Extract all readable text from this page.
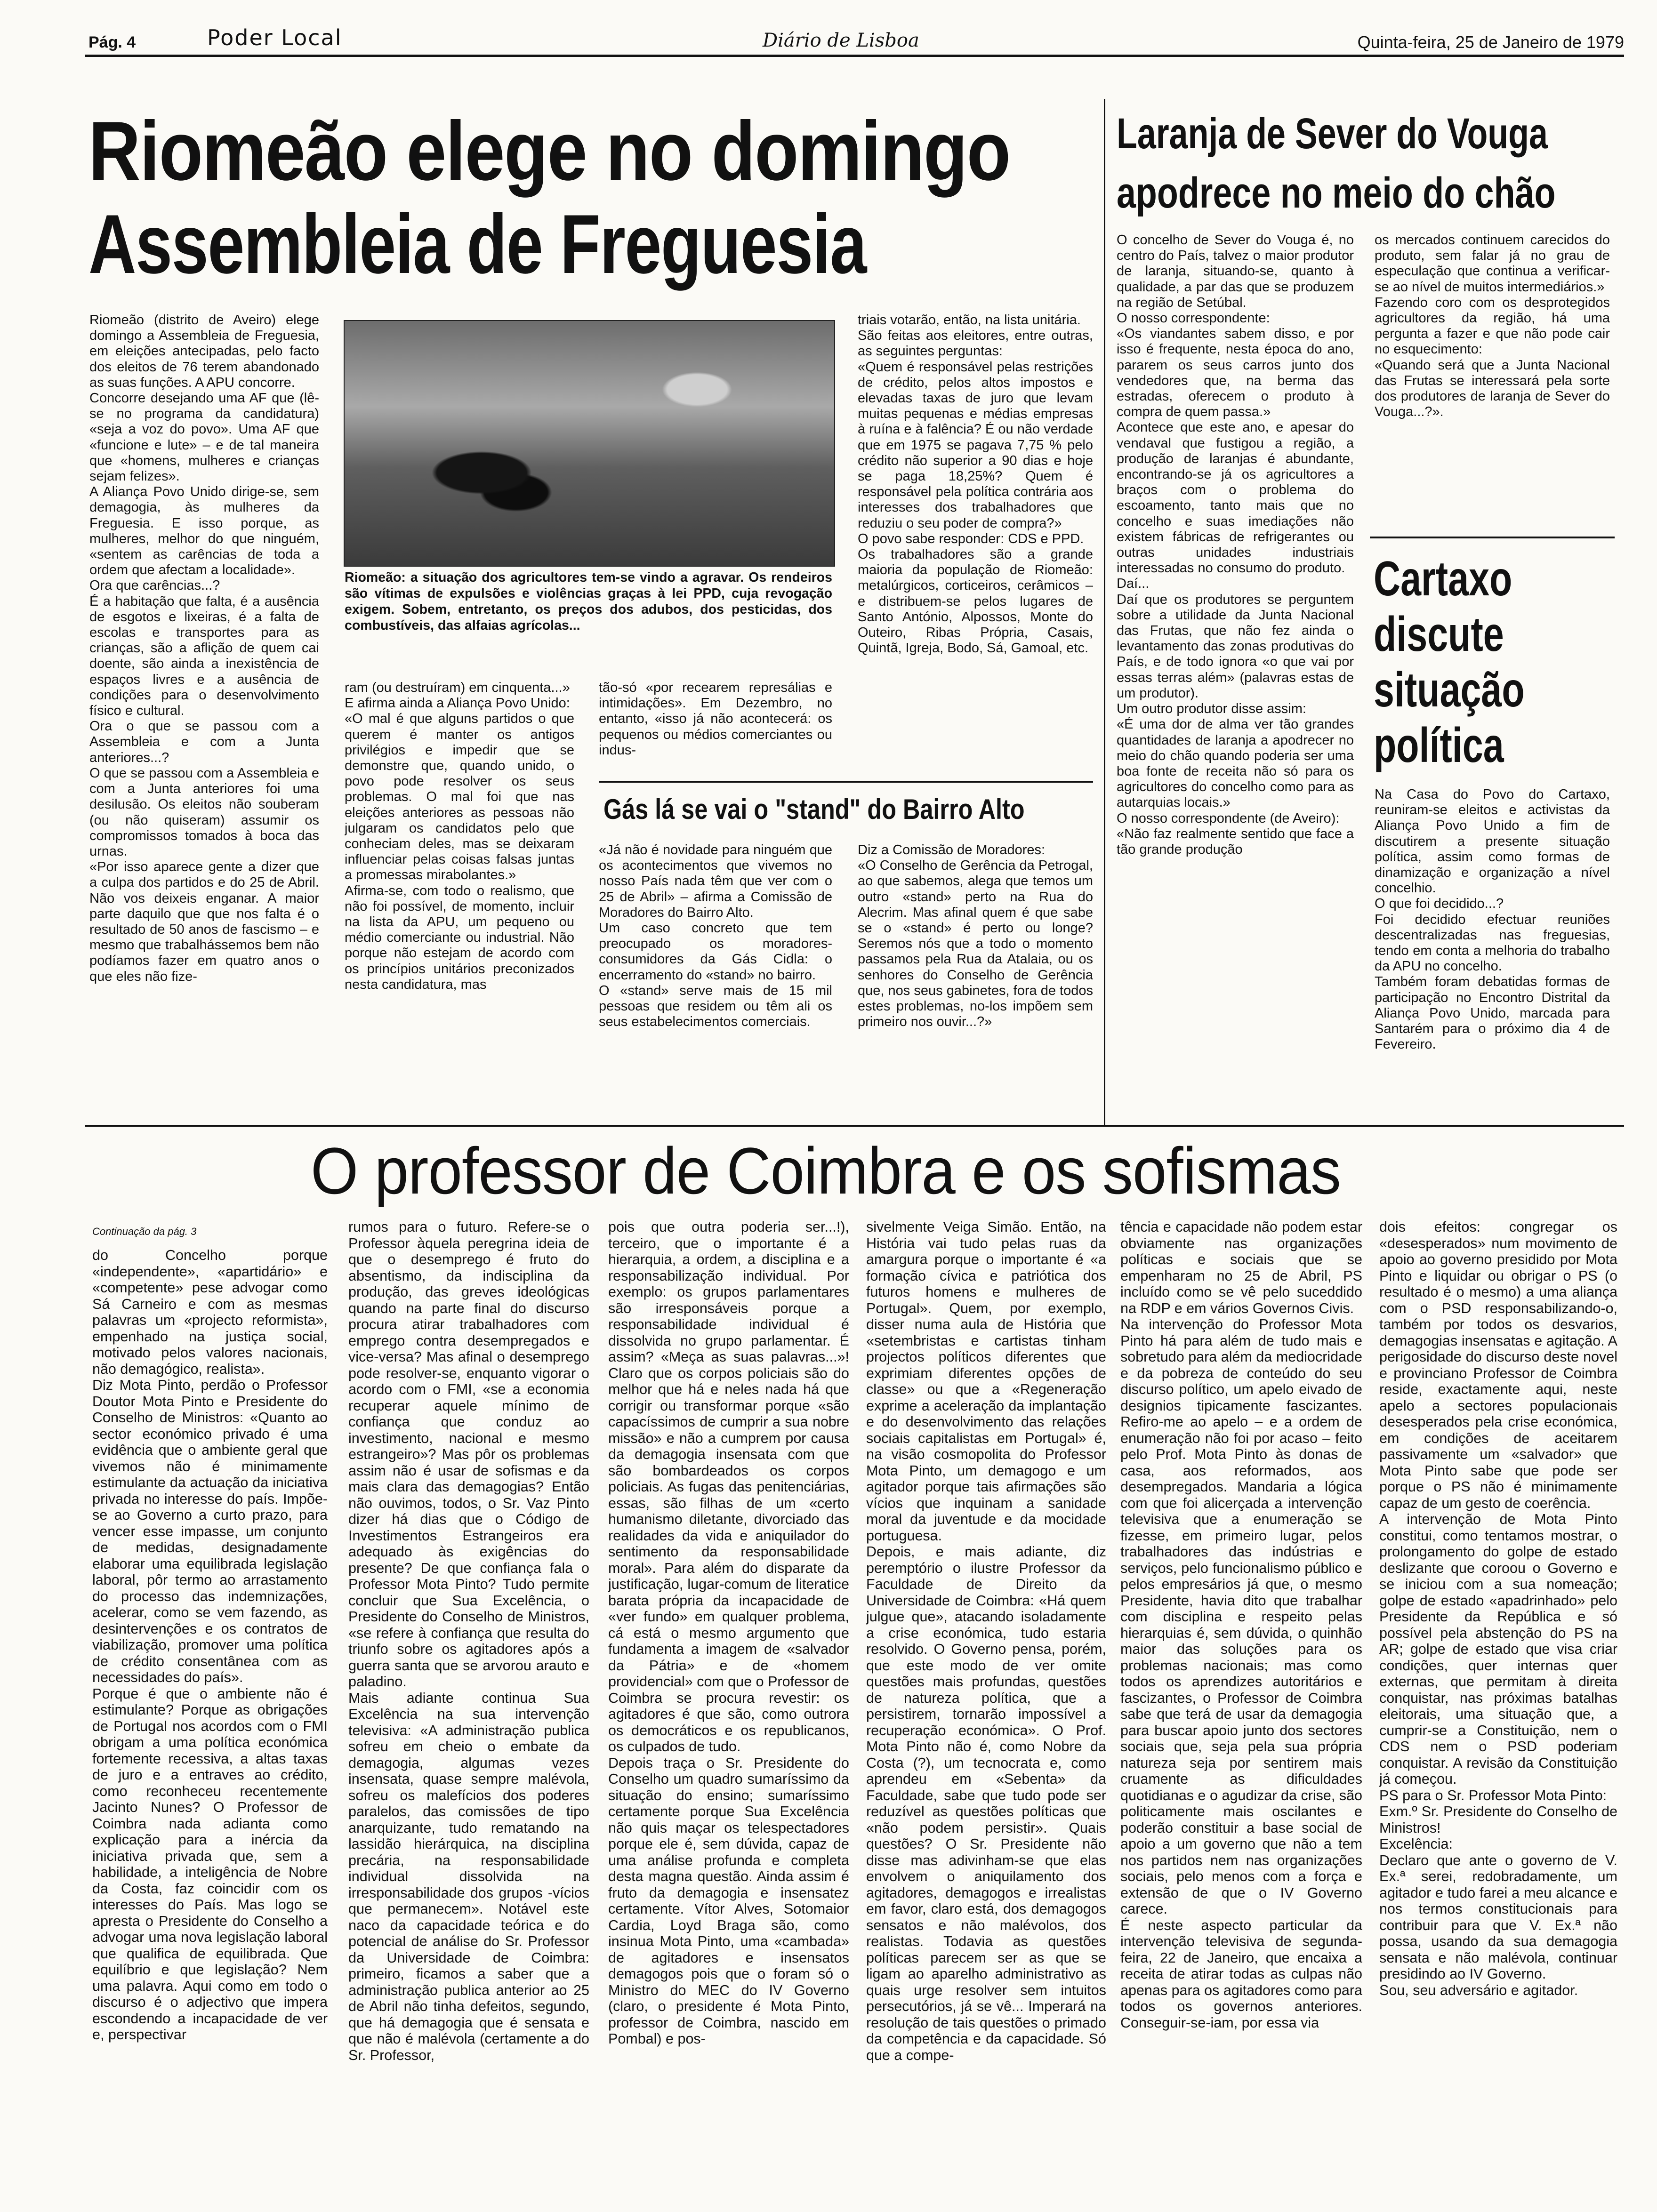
Pág. 4	Poder Local	Diário de Lisboa	Quinta-feira, 25 de Janeiro de 1979
Riomeão elege no domingo
Assembleia de Freguesia
Riomeão (distrito de Aveiro) elege domingo a Assembleia de Freguesia, em eleições antecipadas, pelo facto dos eleitos de 76 terem abandonado as suas funções. A APU concorre.
Concorre desejando uma AF que (lê-se no programa da candidatura) «seja a voz do povo». Uma AF que «funcione e lute» – e de tal maneira que «homens, mulheres e crianças sejam felizes».
A Aliança Povo Unido dirige-se, sem demagogia, às mulheres da Freguesia. E isso porque, as mulheres, melhor do que ninguém, «sentem as carências de toda a ordem que afectam a localidade».
Ora que carências...?
É a habitação que falta, é a ausência de esgotos e lixeiras, é a falta de escolas e transportes para as crianças, são a aflição de quem cai doente, são ainda a inexistência de espaços livres e a ausência de condições para o desenvolvimento físico e cultural.
Ora o que se passou com a Assembleia e com a Junta anteriores...?
O que se passou com a Assembleia e com a Junta anteriores foi uma desilusão. Os eleitos não souberam (ou não quiseram) assumir os compromissos tomados à boca das urnas.
«Por isso aparece gente a dizer que a culpa dos partidos e do 25 de Abril. Não vos deixeis enganar. A maior parte daquilo que que nos falta é o resultado de 50 anos de fascismo – e mesmo que trabalhássemos bem não podíamos fazer em quatro anos o que eles não fize-
Riomeão: a situação dos agricultores tem-se vindo a agravar. Os rendeiros são vítimas de expulsões e violências graças à lei PPD, cuja revogação exigem. Sobem, entretanto, os preços dos adubos, dos pesticidas, dos combustíveis, das alfaias agrícolas...
ram (ou destruíram) em cinquenta...»
E afirma ainda a Aliança Povo Unido:
«O mal é que alguns partidos o que querem é manter os antigos privilégios e impedir que se demonstre que, quando unido, o povo pode resolver os seus problemas. O mal foi que nas eleições anteriores as pessoas não julgaram os candidatos pelo que conheciam deles, mas se deixaram influenciar pelas coisas falsas juntas a promessas mirabolantes.»
Afirma-se, com todo o realismo, que não foi possível, de momento, incluir na lista da APU, um pequeno ou médio comerciante ou industrial. Não porque não estejam de acordo com os princípios unitários preconizados nesta candidatura, mas
tão-só «por recearem represálias e intimidações». Em Dezembro, no entanto, «isso já não acontecerá: os pequenos ou médios comerciantes ou indus-
triais votarão, então, na lista unitária.
São feitas aos eleitores, entre outras, as seguintes perguntas:
«Quem é responsável pelas restrições de crédito, pelos altos impostos e elevadas taxas de juro que levam muitas pequenas e médias empresas à ruína e à falência? É ou não verdade que em 1975 se pagava 7,75 % pelo crédito não superior a 90 dias e hoje se paga 18,25%? Quem é responsável pela política contrária aos interesses dos trabalhadores que reduziu o seu poder de compra?»
O povo sabe responder: CDS e PPD.
Os trabalhadores são a grande maioria da população de Riomeão: metalúrgicos, corticeiros, cerâmicos – e distribuem-se pelos lugares de Santo António, Alpossos, Monte do Outeiro, Ribas Própria, Casais, Quintã, Igreja, Bodo, Sá, Gamoal, etc.
Gás lá se vai o "stand" do Bairro Alto
«Já não é novidade para ninguém que os acontecimentos que vivemos no nosso País nada têm que ver com o 25 de Abril» – afirma a Comissão de Moradores do Bairro Alto.
Um caso concreto que tem preocupado os moradores-consumidores da Gás Cidla: o encerramento do «stand» no bairro.
O «stand» serve mais de 15 mil pessoas que residem ou têm ali os seus estabelecimentos comerciais.
Diz a Comissão de Moradores:
«O Conselho de Gerência da Petrogal, ao que sabemos, alega que temos um outro «stand» perto na Rua do Alecrim. Mas afinal quem é que sabe se o «stand» é perto ou longe? Seremos nós que a todo o momento passamos pela Rua da Atalaia, ou os senhores do Conselho de Gerência que, nos seus gabinetes, fora de todos estes problemas, no-los impõem sem primeiro nos ouvir...?»
Laranja de Sever do Vouga
apodrece no meio do chão
O concelho de Sever do Vouga é, no centro do País, talvez o maior produtor de laranja, situando-se, quanto à qualidade, a par das que se produzem na região de Setúbal.
O nosso correspondente:
«Os viandantes sabem disso, e por isso é frequente, nesta época do ano, pararem os seus carros junto dos vendedores que, na berma das estradas, oferecem o produto à compra de quem passa.»
Acontece que este ano, e apesar do vendaval que fustigou a região, a produção de laranjas é abundante, encontrando-se já os agricultores a braços com o problema do escoamento, tanto mais que no concelho e suas imediações não existem fábricas de refrigerantes ou outras unidades industriais interessadas no consumo do produto.
Daí...
Daí que os produtores se perguntem sobre a utilidade da Junta Nacional das Frutas, que não fez ainda o levantamento das zonas produtivas do País, e de todo ignora «o que vai por essas terras além» (palavras estas de um produtor).
Um outro produtor disse assim:
«É uma dor de alma ver tão grandes quantidades de laranja a apodrecer no meio do chão quando poderia ser uma boa fonte de receita não só para os agricultores do concelho como para as autarquias locais.»
O nosso correspondente (de Aveiro):
«Não faz realmente sentido que face a tão grande produção
os mercados continuem carecidos do produto, sem falar já no grau de especulação que continua a verificar-se ao nível de muitos intermediários.»
Fazendo coro com os desprotegidos agricultores da região, há uma pergunta a fazer e que não pode cair no esquecimento:
«Quando será que a Junta Nacional das Frutas se interessará pela sorte dos produtores de laranja de Sever do Vouga...?».
Cartaxo
discute
situação
política
Na Casa do Povo do Cartaxo, reuniram-se eleitos e activistas da Aliança Povo Unido a fim de discutirem a presente situação política, assim como formas de dinamização e organização a nível concelhio.
O que foi decidido...?
Foi decidido efectuar reuniões descentralizadas nas freguesias, tendo em conta a melhoria do trabalho da APU no concelho.
Também foram debatidas formas de participação no Encontro Distrital da Aliança Povo Unido, marcada para Santarém para o próximo dia 4 de Fevereiro.
O professor de Coimbra e os sofismas
Continuação da pág. 3
do Concelho porque «independente», «apartidário» e «competente» pese advogar como Sá Carneiro e com as mesmas palavras um «projecto reformista», empenhado na justiça social, motivado pelos valores nacionais, não demagógico, realista».
Diz Mota Pinto, perdão o Professor Doutor Mota Pinto e Presidente do Conselho de Ministros: «Quanto ao sector económico privado é uma evidência que o ambiente geral que vivemos não é minimamente estimulante da actuação da iniciativa privada no interesse do país. Impõe-se ao Governo a curto prazo, para vencer esse impasse, um conjunto de medidas, designadamente elaborar uma equilibrada legislação laboral, pôr termo ao arrastamento do processo das indemnizações, acelerar, como se vem fazendo, as desintervenções e os contratos de viabilização, promover uma política de crédito consentânea com as necessidades do país».
Porque é que o ambiente não é estimulante? Porque as obrigações de Portugal nos acordos com o FMI obrigam a uma política económica fortemente recessiva, a altas taxas de juro e a entraves ao crédito, como reconheceu recentemente Jacinto Nunes? O Professor de Coimbra nada adianta como explicação para a inércia da iniciativa privada que, sem a habilidade, a inteligência de Nobre da Costa, faz coincidir com os interesses do País. Mas logo se apresta o Presidente do Conselho a advogar uma nova legislação laboral que qualifica de equilibrada. Que equilíbrio e que legislação? Nem uma palavra. Aqui como em todo o discurso é o adjectivo que impera escondendo a incapacidade de ver e, perspectivar
rumos para o futuro. Refere-se o Professor àquela peregrina ideia de que o desemprego é fruto do absentismo, da indisciplina da produção, das greves ideológicas quando na parte final do discurso procura atirar trabalhadores com emprego contra desempregados e vice-versa? Mas afinal o desemprego pode resolver-se, enquanto vigorar o acordo com o FMI, «se a economia recuperar aquele mínimo de confiança que conduz ao investimento, nacional e mesmo estrangeiro»? Mas pôr os problemas assim não é usar de sofismas e da mais clara das demagogias? Então não ouvimos, todos, o Sr. Vaz Pinto dizer há dias que o Código de Investimentos Estrangeiros era adequado às exigências do presente? De que confiança fala o Professor Mota Pinto? Tudo permite concluir que Sua Excelência, o Presidente do Conselho de Ministros, «se refere à confiança que resulta do triunfo sobre os agitadores após a guerra santa que se arvorou arauto e paladino.
Mais adiante continua Sua Excelência na sua intervenção televisiva: «A administração publica sofreu em cheio o embate da demagogia, algumas vezes insensata, quase sempre malévola, sofreu os malefícios dos poderes paralelos, das comissões de tipo anarquizante, tudo rematando na lassidão hierárquica, na disciplina precária, na responsabilidade individual dissolvida na irresponsabilidade dos grupos -vícios que permanecem». Notável este naco da capacidade teórica e do potencial de análise do Sr. Professor da Universidade de Coimbra: primeiro, ficamos a saber que a administração publica anterior ao 25 de Abril não tinha defeitos, segundo, que há demagogia que é sensata e que não é malévola (certamente a do Sr. Professor,
pois que outra poderia ser...!), terceiro, que o importante é a hierarquia, a ordem, a disciplina e a responsabilização individual. Por exemplo: os grupos parlamentares são irresponsáveis porque a responsabilidade individual é dissolvida no grupo parlamentar. É assim? «Meça as suas palavras...»! Claro que os corpos policiais são do melhor que há e neles nada há que corrigir ou transformar porque «são capacíssimos de cumprir a sua nobre missão» e não a cumprem por causa da demagogia insensata com que são bombardeados os corpos policiais. As fugas das penitenciárias, essas, são filhas de um «certo humanismo diletante, divorciado das realidades da vida e aniquilador do sentimento da responsabilidade moral». Para além do disparate da justificação, lugar-comum de literatice barata própria da incapacidade de «ver fundo» em qualquer problema, cá está o mesmo argumento que fundamenta a imagem de «salvador da Pátria» e de «homem providencial» com que o Professor de Coimbra se procura revestir: os agitadores é que são, como outrora os democráticos e os republicanos, os culpados de tudo.
Depois traça o Sr. Presidente do Conselho um quadro sumaríssimo da situação do ensino; sumaríssimo certamente porque Sua Excelência não quis maçar os telespectadores porque ele é, sem dúvida, capaz de uma análise profunda e completa desta magna questão. Ainda assim é fruto da demagogia e insensatez certamente. Vítor Alves, Sotomaior Cardia, Loyd Braga são, como insinua Mota Pinto, uma «cambada» de agitadores e insensatos demagogos pois que o foram só o Ministro do MEC do IV Governo (claro, o presidente é Mota Pinto, professor de Coimbra, nascido em Pombal) e pos-
sivelmente Veiga Simão. Então, na História vai tudo pelas ruas da amargura porque o importante é «a formação cívica e patriótica dos futuros homens e mulheres de Portugal». Quem, por exemplo, disser numa aula de História que «setembristas e cartistas tinham projectos políticos diferentes que exprimiam diferentes opções de classe» ou que a «Regeneração exprime a aceleração da implantação e do desenvolvimento das relações sociais capitalistas em Portugal» é, na visão cosmopolita do Professor Mota Pinto, um demagogo e um agitador porque tais afirmações são vícios que inquinam a sanidade moral da juventude e da mocidade portuguesa.
Depois, e mais adiante, diz peremptório o ilustre Professor da Faculdade de Direito da Universidade de Coimbra: «Há quem julgue que», atacando isoladamente a crise económica, tudo estaria resolvido. O Governo pensa, porém, que este modo de ver omite questões mais profundas, questões de natureza política, que a persistirem, tornarão impossível a recuperação económica». O Prof. Mota Pinto não é, como Nobre da Costa (?), um tecnocrata e, como aprendeu em «Sebenta» da Faculdade, sabe que tudo pode ser reduzível as questões políticas que «não podem persistir». Quais questões? O Sr. Presidente não disse mas adivinham-se que elas envolvem o aniquilamento dos agitadores, demagogos e irrealistas em favor, claro está, dos demagogos sensatos e não malévolos, dos realistas. Todavia as questões políticas parecem ser as que se ligam ao aparelho administrativo as quais urge resolver sem intuitos persecutórios, já se vê... Imperará na resolução de tais questões o primado da competência e da capacidade. Só que a compe-
tência e capacidade não podem estar obviamente nas organizações políticas e sociais que se empenharam no 25 de Abril, PS incluído como se vê pelo suceddido na RDP e em vários Governos Civis.
Na intervenção do Professor Mota Pinto há para além de tudo mais e sobretudo para além da mediocridade e da pobreza de conteúdo do seu discurso político, um apelo eivado de designios tipicamente fascizantes. Refiro-me ao apelo – e a ordem de enumeração não foi por acaso – feito pelo Prof. Mota Pinto às donas de casa, aos reformados, aos desempregados. Mandaria a lógica com que foi alicerçada a intervenção televisiva que a enumeração se fizesse, em primeiro lugar, pelos trabalhadores das indústrias e serviços, pelo funcionalismo público e pelos empresários já que, o mesmo Presidente, havia dito que trabalhar com disciplina e respeito pelas hierarquias é, sem dúvida, o quinhão maior das soluções para os problemas nacionais; mas como todos os aprendizes autoritários e fascizantes, o Professor de Coimbra sabe que terá de usar da demagogia para buscar apoio junto dos sectores sociais que, seja pela sua própria natureza seja por sentirem mais cruamente as dificuldades quotidianas e o agudizar da crise, são politicamente mais oscilantes e poderão constituir a base social de apoio a um governo que não a tem nos partidos nem nas organizações sociais, pelo menos com a força e extensão de que o IV Governo carece.
É neste aspecto particular da intervenção televisiva de segunda-feira, 22 de Janeiro, que encaixa a receita de atirar todas as culpas não apenas para os agitadores como para todos os governos anteriores. Conseguir-se-iam, por essa via
dois efeitos: congregar os «desesperados» num movimento de apoio ao governo presidido por Mota Pinto e liquidar ou obrigar o PS (o resultado é o mesmo) a uma aliança com o PSD responsabilizando-o, também por todos os desvarios, demagogias insensatas e agitação. A perigosidade do discurso deste novel e provinciano Professor de Coimbra reside, exactamente aqui, neste apelo a sectores populacionais desesperados pela crise económica, em condições de aceitarem passivamente um «salvador» que Mota Pinto sabe que pode ser porque o PS não é minimamente capaz de um gesto de coerência.
A intervenção de Mota Pinto constitui, como tentamos mostrar, o prolongamento do golpe de estado deslizante que coroou o Governo e se iniciou com a sua nomeação; golpe de estado «apadrinhado» pelo Presidente da República e só possível pela abstenção do PS na AR; golpe de estado que visa criar condições, quer internas quer externas, que permitam à direita conquistar, nas próximas batalhas eleitorais, uma situação que, a cumprir-se a Constituição, nem o CDS nem o PSD poderiam conquistar. A revisão da Constituição já começou.
PS para o Sr. Professor Mota Pinto:
Exm.º Sr. Presidente do Conselho de Ministros!
Excelência:
Declaro que ante o governo de V. Ex.ª serei, redobradamente, um agitador e tudo farei a meu alcance e nos termos constitucionais para contribuir para que V. Ex.ª não possa, usando da sua demagogia sensata e não malévola, continuar presidindo ao IV Governo.
Sou, seu adversário e agitador.
